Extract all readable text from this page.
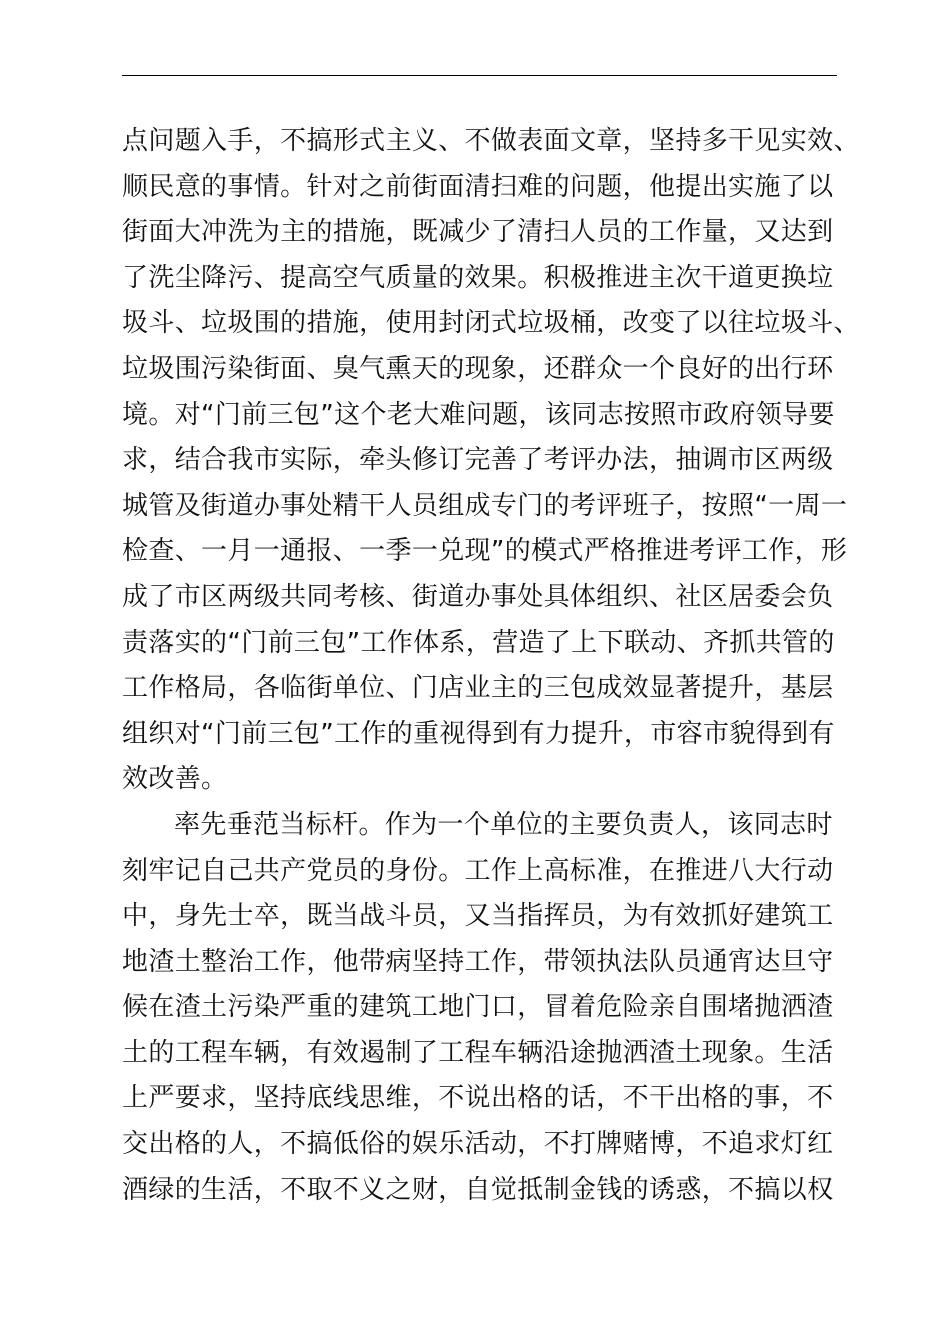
点问题入手，不搞形式主义、不做表面文章，坚持多干见实效、
顺民意的事情。针对之前街面清扫难的问题，他提出实施了以
街面大冲洗为主的措施，既减少了清扫人员的工作量，又达到
了洗尘降污、提高空气质量的效果。积极推进主次干道更换垃
圾斗、垃圾围的措施，使用封闭式垃圾桶，改变了以往垃圾斗、
垃圾围污染街面、臭气熏天的现象，还群众一个良好的出行环
境。对“门前三包”这个老大难问题，该同志按照市政府领导要
求，结合我市实际，牵头修订完善了考评办法，抽调市区两级
城管及街道办事处精干人员组成专门的考评班子，按照“一周一
检查、一月一通报、一季一兑现”的模式严格推进考评工作，形
成了市区两级共同考核、街道办事处具体组织、社区居委会负
责落实的“门前三包”工作体系，营造了上下联动、齐抓共管的
工作格局，各临街单位、门店业主的三包成效显著提升，基层
组织对“门前三包”工作的重视得到有力提升，市容市貌得到有
效改善。
率先垂范当标杆。作为一个单位的主要负责人，该同志时
刻牢记自己共产党员的身份。工作上高标准，在推进八大行动
中，身先士卒，既当战斗员，又当指挥员，为有效抓好建筑工
地渣土整治工作，他带病坚持工作，带领执法队员通宵达旦守
候在渣土污染严重的建筑工地门口，冒着危险亲自围堵抛洒渣
土的工程车辆，有效遏制了工程车辆沿途抛洒渣土现象。生活
上严要求，坚持底线思维，不说出格的话，不干出格的事，不
交出格的人，不搞低俗的娱乐活动，不打牌赌博，不追求灯红
酒绿的生活，不取不义之财，自觉抵制金钱的诱惑，不搞以权
